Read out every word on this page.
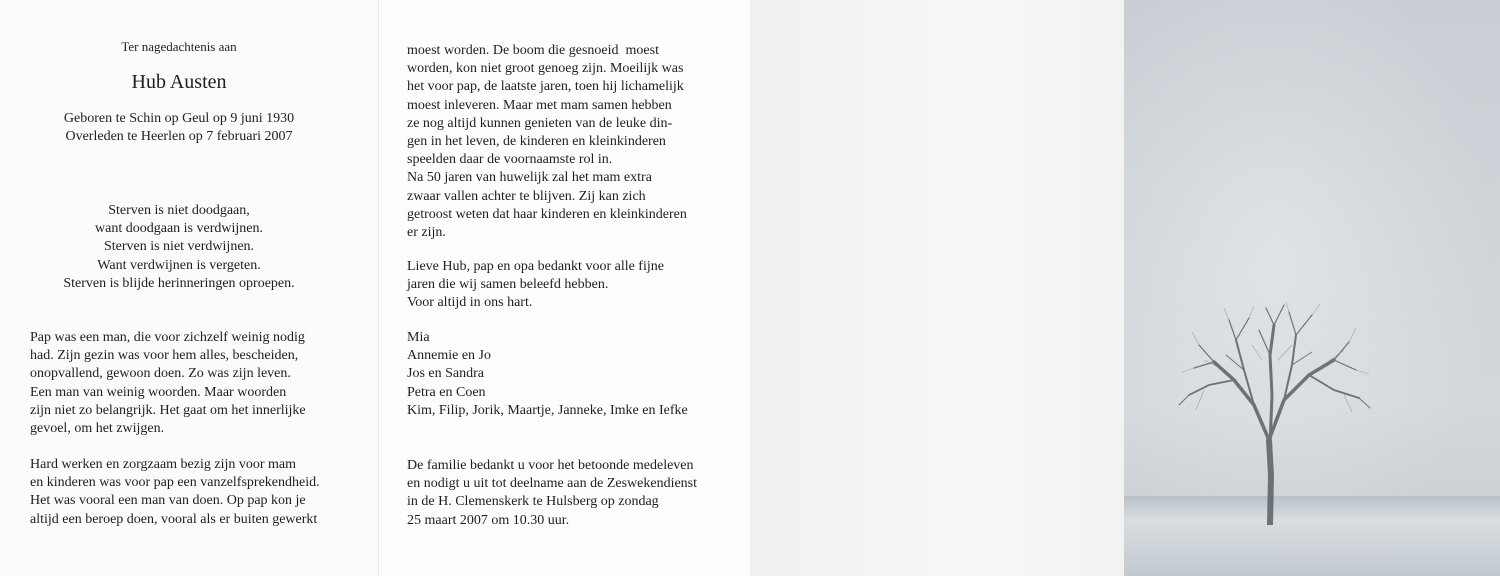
Ter nagedachtenis aan
Hub Austen
Geboren te Schin op Geul op 9 juni 1930
Overleden te Heerlen op 7 februari 2007
Sterven is niet doodgaan,
want doodgaan is verdwijnen.
Sterven is niet verdwijnen.
Want verdwijnen is vergeten.
Sterven is blijde herinneringen oproepen.
Pap was een man, die voor zichzelf weinig nodig
had. Zijn gezin was voor hem alles, bescheiden,
onopvallend, gewoon doen. Zo was zijn leven.
Een man van weinig woorden. Maar woorden
zijn niet zo belangrijk. Het gaat om het innerlijke
gevoel, om het zwijgen.
Hard werken en zorgzaam bezig zijn voor mam
en kinderen was voor pap een vanzelfsprekendheid.
Het was vooral een man van doen. Op pap kon je
altijd een beroep doen, vooral als er buiten gewerkt
moest worden. De boom die gesnoeid  moest
worden, kon niet groot genoeg zijn. Moeilijk was
het voor pap, de laatste jaren, toen hij lichamelijk
moest inleveren. Maar met mam samen hebben
ze nog altijd kunnen genieten van de leuke din-
gen in het leven, de kinderen en kleinkinderen
speelden daar de voornaamste rol in.
Na 50 jaren van huwelijk zal het mam extra
zwaar vallen achter te blijven. Zij kan zich
getroost weten dat haar kinderen en kleinkinderen
er zijn.
Lieve Hub, pap en opa bedankt voor alle fijne
jaren die wij samen beleefd hebben.
Voor altijd in ons hart.
Mia
Annemie en Jo
Jos en Sandra
Petra en Coen
Kim, Filip, Jorik, Maartje, Janneke, Imke en Iefke
De familie bedankt u voor het betoonde medeleven
en nodigt u uit tot deelname aan de Zeswekendienst
in de H. Clemenskerk te Hulsberg op zondag
25 maart 2007 om 10.30 uur.
